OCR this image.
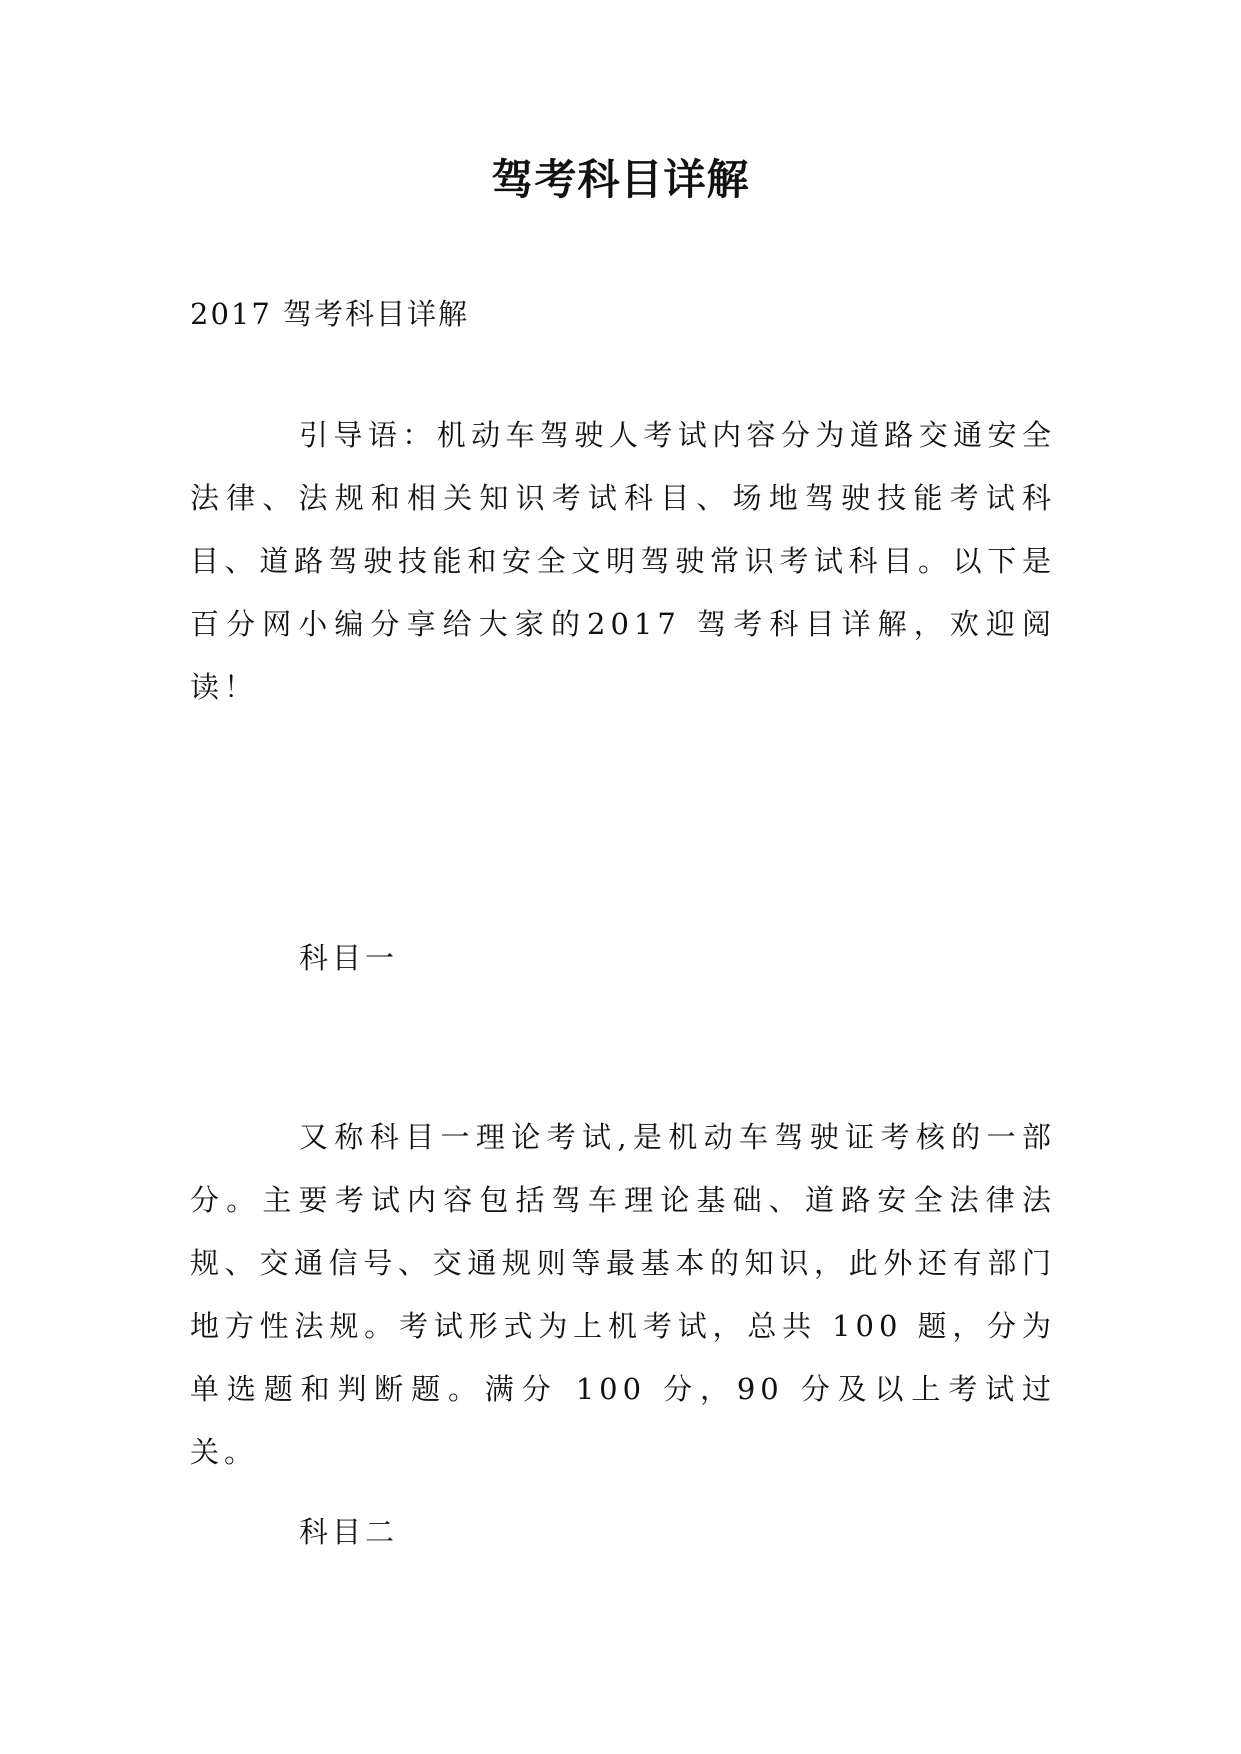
驾考科目详解

2017 驾考科目详解

引导语：机动车驾驶人考试内容分为道路交通安全法律、法规和相关知识考试科目、场地驾驶技能考试科目、道路驾驶技能和安全文明驾驶常识考试科目。以下是百分网小编分享给大家的2017 驾考科目详解，欢迎阅读！

科目一

又称科目一理论考试,是机动车驾驶证考核的一部分。主要考试内容包括驾车理论基础、道路安全法律法规、交通信号、交通规则等最基本的知识，此外还有部门地方性法规。考试形式为上机考试，总共 100 题，分为单选题和判断题。满分 100 分，90 分及以上考试过关。

科目二
